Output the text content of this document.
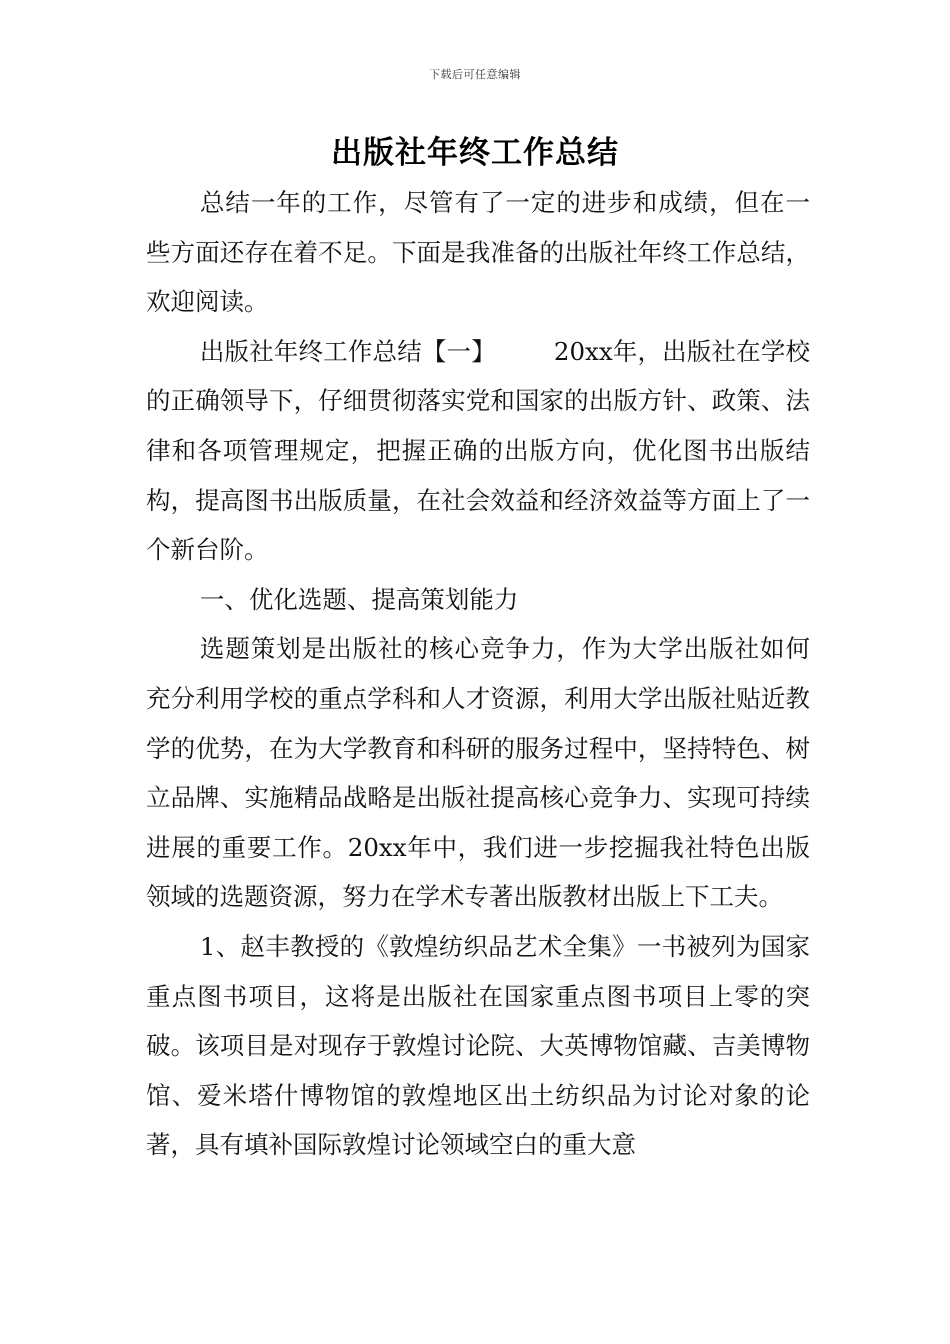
下载后可任意编辑
出版社年终工作总结

总结一年的工作，尽管有了一定的进步和成绩，但在一些方面还存在着不足。下面是我准备的出版社年终工作总结，欢迎阅读。

出版社年终工作总结【一】 20xx年，出版社在学校的正确领导下，仔细贯彻落实党和国家的出版方针、政策、法律和各项管理规定，把握正确的出版方向，优化图书出版结构，提高图书出版质量，在社会效益和经济效益等方面上了一个新台阶。

一、优化选题、提高策划能力

选题策划是出版社的核心竞争力，作为大学出版社如何充分利用学校的重点学科和人才资源，利用大学出版社贴近教学的优势，在为大学教育和科研的服务过程中，坚持特色、树立品牌、实施精品战略是出版社提高核心竞争力、实现可持续进展的重要工作。20xx年中，我们进一步挖掘我社特色出版领域的选题资源，努力在学术专著出版教材出版上下工夫。

1、赵丰教授的《敦煌纺织品艺术全集》一书被列为国家重点图书项目，这将是出版社在国家重点图书项目上零的突破。该项目是对现存于敦煌讨论院、大英博物馆藏、吉美博物馆、爱米塔什博物馆的敦煌地区出土纺织品为讨论对象的论著，具有填补国际敦煌讨论领域空白的重大意
